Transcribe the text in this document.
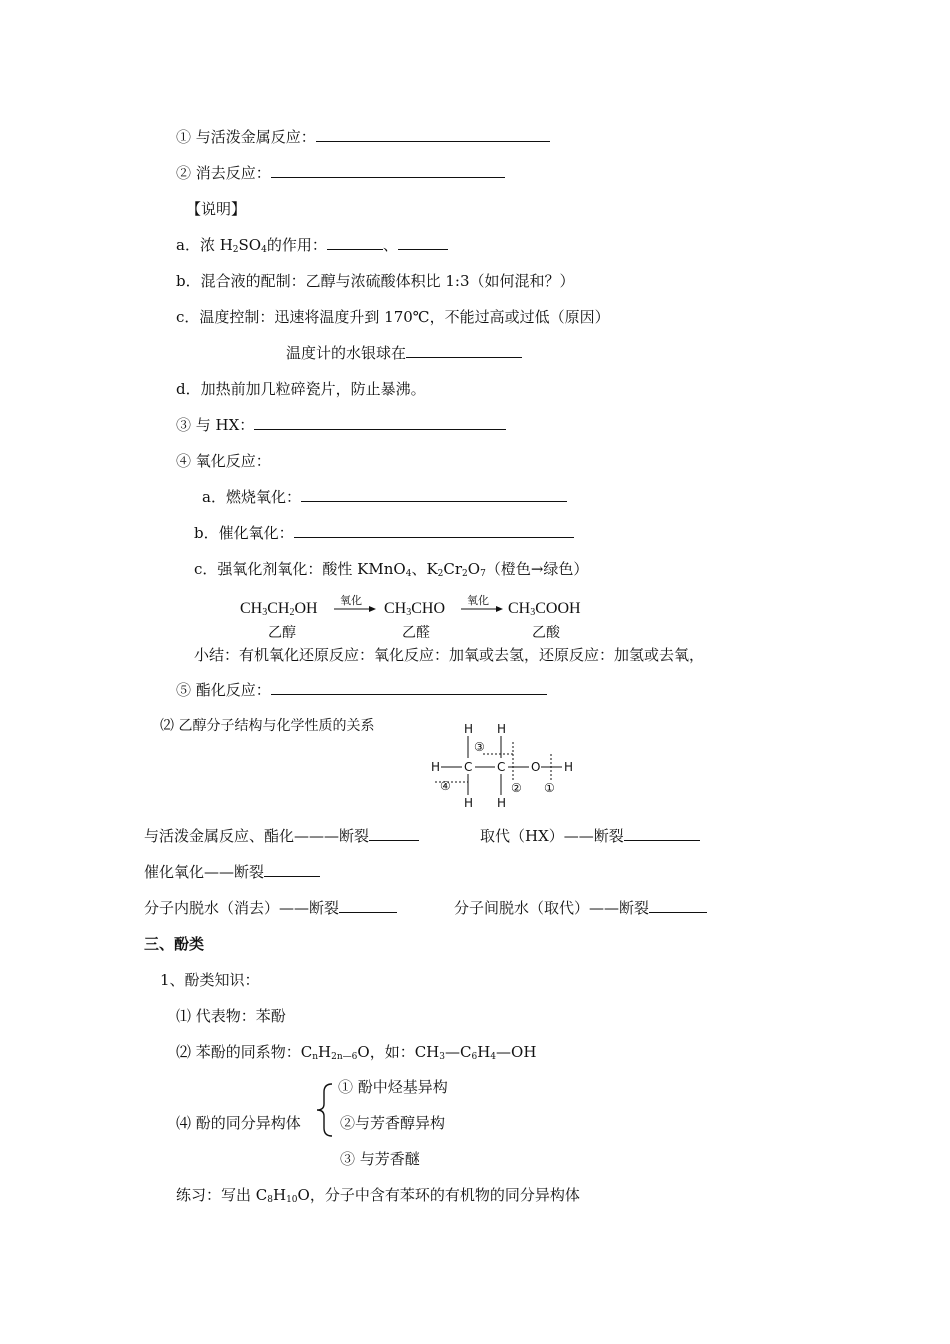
① 与活泼金属反应：
② 消去反应：
【说明】
a．浓 $H_2SO_4$的作用：	、
b．混合液的配制：乙醇与浓硫酸体积比 1:3（如何混和？）
c．温度控制：迅速将温度升到 170℃，不能过高或过低（原因）
温度计的水银球在
d．加热前加几粒碎瓷片，防止暴沸。
③ 与 HX：
④ 氧化反应：
a．燃烧氧化：
b．催化氧化：
c．强氧化剂氧化：酸性 KMnO$_4$、$K_2Cr_2O_7$（橙色→绿色）
$CH_3CH_2OH$ 氧化 → $CH_3CHO$ 氧化 → $CH_3COOH$
乙醇	乙醛	乙酸
小结：有机氧化还原反应：氧化反应：加氧或去氢，还原反应：加氢或去氧，
⑤ 酯化反应：
⑵ 乙醇分子结构与化学性质的关系	H H
H C C O H
H H
③
④	② ①
与活泼金属反应、酯化———断裂	取代（HX）——断裂
催化氧化——断裂
分子内脱水（消去）——断裂	分子间脱水（取代）——断裂
三、酚类
1、酚类知识：
⑴ 代表物：苯酚
⑵ 苯酚的同系物：$C_nH_{2n—6}O$，如：$CH_3—C_6H_4—OH$
① 酚中烃基异构
⑷ 酚的同分异构体	②与芳香醇异构
③ 与芳香醚
练习：写出 $C_8H_{10}O$，分子中含有苯环的有机物的同分异构体
